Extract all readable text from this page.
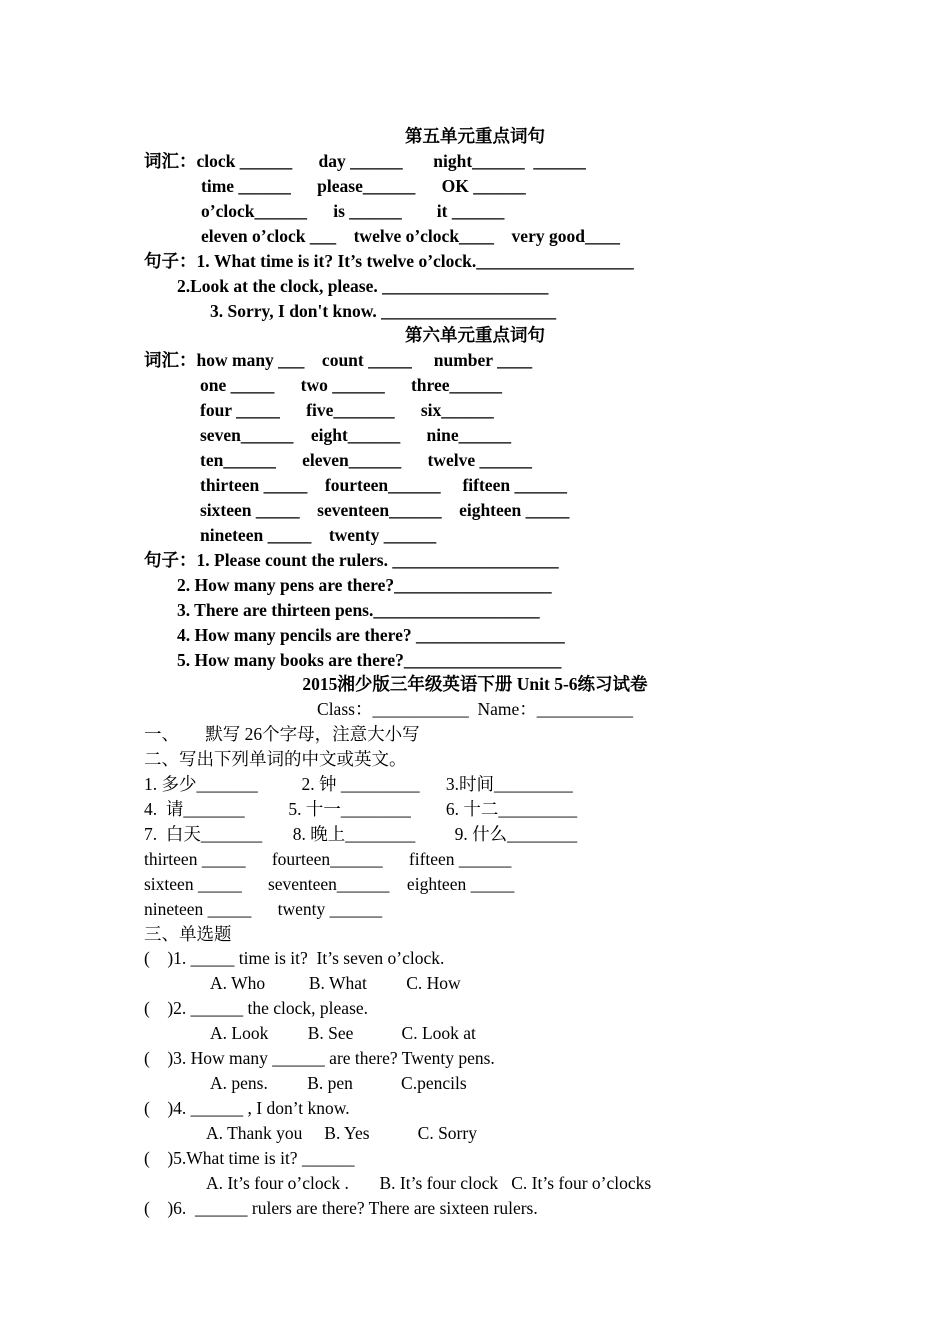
第五单元重点词句
词汇：clock ______      day ______       night______  ______
time ______      please______      OK ______
o’clock______      is ______        it ______
eleven o’clock ___    twelve o’clock____    very good____
句子：1. What time is it? It’s twelve o’clock.__________________
2.Look at the clock, please. ___________________
3. Sorry, I don't know. ____________________
第六单元重点词句
词汇：how many ___    count _____     number ____
one _____      two ______      three______
four _____      five_______      six______
seven______    eight______      nine______
ten______      eleven______      twelve ______
thirteen _____    fourteen______     fifteen ______
sixteen _____    seventeen______    eighteen _____
nineteen _____    twenty ______
句子：1. Please count the rulers. ___________________
2. How many pens are there?__________________
3. There are thirteen pens.___________________
4. How many pencils are there? _________________
5. How many books are there?__________________
2015湘少版三年级英语下册 Unit 5-6练习试卷
Class：___________  Name：___________
一、      默写 26个字母，注意大小写
二、写出下列单词的中文或英文。
1. 多少_______          2. 钟 _________      3.时间_________
4.  请_______          5. 十一________        6. 十二_________
7.  白天_______       8. 晚上________         9. 什么________
thirteen _____      fourteen______      fifteen ______
sixteen _____      seventeen______    eighteen _____
nineteen _____      twenty ______
三、单选题
(    )1. _____ time is it?  It’s seven o’clock.
A. Who          B. What         C. How
(    )2. ______ the clock, please.
A. Look         B. See           C. Look at
(    )3. How many ______ are there? Twenty pens.
A. pens.         B. pen           C.pencils
(    )4. ______ , I don’t know.
A. Thank you     B. Yes           C. Sorry
(    )5.What time is it? ______
A. It’s four o’clock .       B. It’s four clock   C. It’s four o’clocks
(    )6.  ______ rulers are there? There are sixteen rulers.
